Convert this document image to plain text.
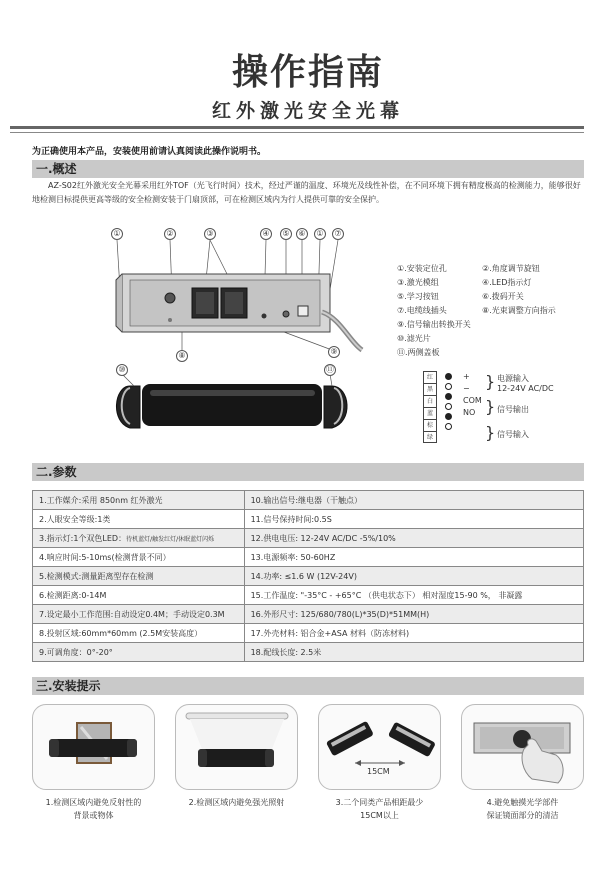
操作指南
红外激光安全光幕
为正确使用本产品，安装使用前请认真阅读此操作说明书。
一.概述
AZ-S02红外激光安全光幕采用红外TOF（光飞行时间）技术，经过严谨的温度、环境光及线性补偿，在不同环境下拥有精度极高的检测能力，能够很好地检测目标提供更高等级的安全检测安装于门扇顶部，可在检测区域内为行人提供可靠的安全保护。
①	②	③	④	⑤	⑥	①	⑦
⑧	⑨
⑩	⑪
①.安装定位孔	②.角度调节旋钮
③.激光模组	④.LED指示灯
⑤.学习按钮	⑥.拨码开关
⑦.电缆线插头	⑧.光束调整方向指示
⑨.信号输出转换开关
⑩.滤光片
⑪.两侧盖板
红
黑
白
蓝
棕
绿
+
− } 电源输入
12-24V AC/DC
COM
NO } 信号输出
} 信号输入
二.参数
1.工作媒介:采用 850nm 红外激光	10.输出信号:继电器（干触点）
2.人眼安全等级:1类	11.信号保持时间:0.5S
3.指示灯:1个双色LED：待机蓝灯/触发红灯/休眠蓝灯闪烁	12.供电电压: 12-24V AC/DC -5%/10%
4.响应时间:5-10ms(检测背景不同）	13.电源频率: 50-60HZ
5.检测模式:测量距离型存在检测	14.功率: ≤1.6 W (12V-24V)
6.检测距离:0-14M	15.工作温度: "-35°C - +65°C （供电状态下） 相对湿度15-90 %， 非凝露
7.设定最小工作范围:自动设定0.4M；手动设定0.3M	16.外形尺寸: 125/680/780(L)*35(D)*51MM(H)
8.投射区域:60mm*60mm (2.5M安装高度）	17.外壳材料: 铝合金+ASA 材料（防冻材料)
9.可调角度：0°-20°	18.配线长度: 2.5米
三.安装提示
1.检测区域内避免反射性的
背景或物体
2.检测区域内避免强光照射
15CM
3.二个同类产品相距最少
15CM以上
4.避免触摸光学部件
保证镜面部分的清洁
